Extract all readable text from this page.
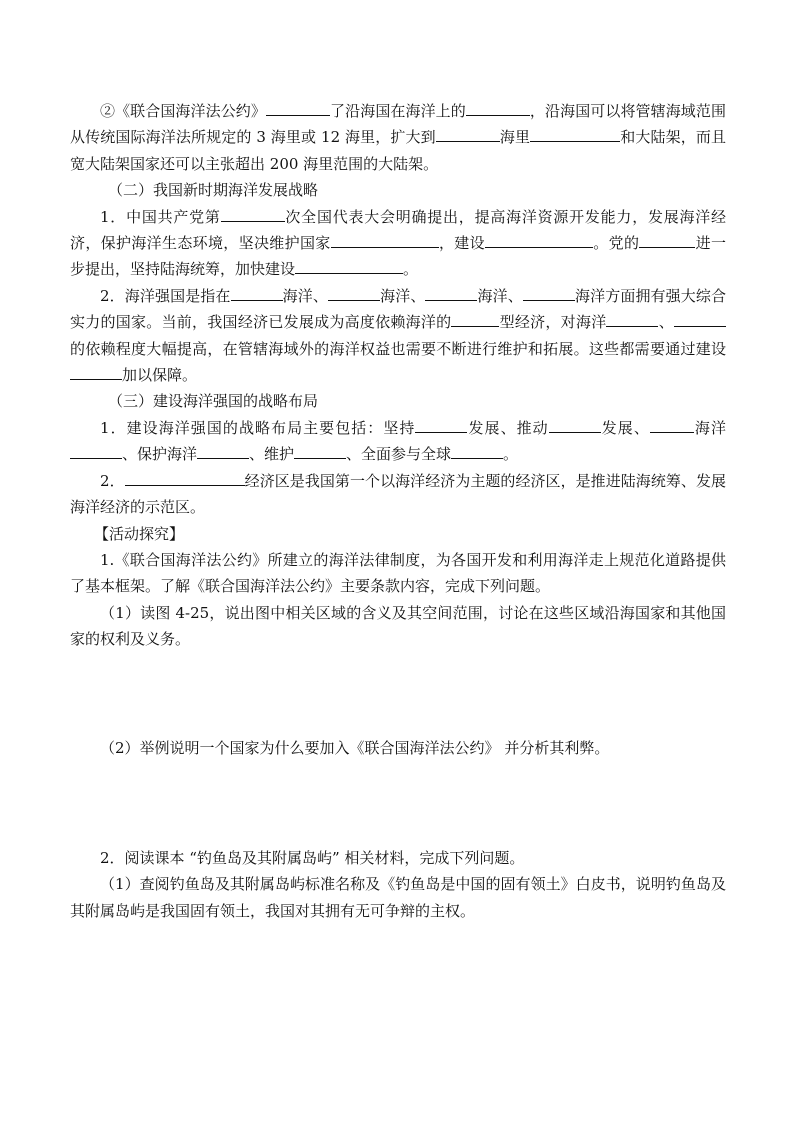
②《联合国海洋法公约》	了沿海国在海洋上的	，沿海国可以将管辖海域范围从传统国际海洋法所规定的 3 海里或 12 海里，扩大到	海里	和大陆架，而且宽大陆架国家还可以主张超出 200 海里范围的大陆架。

（二）我国新时期海洋发展战略

1．中国共产党第	次全国代表大会明确提出，提高海洋资源开发能力，发展海洋经济，保护海洋生态环境，坚决维护国家	，建设	。党的	进一步提出，坚持陆海统筹，加快建设	。

2．海洋强国是指在	海洋、	海洋、	海洋、	海洋方面拥有强大综合实力的国家。当前，我国经济已发展成为高度依赖海洋的	型经济，对海洋	、的依赖程度大幅提高，在管辖海域外的海洋权益也需要不断进行维护和拓展。这些都需要通过建设加以保障。

（三）建设海洋强国的战略布局

1．建设海洋强国的战略布局主要包括：坚持	发展、推动	发展、	海洋、保护海洋	、维护	、全面参与全球	。

2．	经济区是我国第一个以海洋经济为主题的经济区，是推进陆海统筹、发展海洋经济的示范区。

【活动探究】

1.《联合国海洋法公约》所建立的海洋法律制度，为各国开发和利用海洋走上规范化道路提供了基本框架。了解《联合国海洋法公约》主要条款内容，完成下列问题。

（1）读图 4-25，说出图中相关区域的含义及其空间范围，讨论在这些区域沿海国家和其他国家的权利及义务。

（2）举例说明一个国家为什么要加入《联合国海洋法公约》 并分析其利弊。

2．阅读课本 “钓鱼岛及其附属岛屿” 相关材料，完成下列问题。

（1）查阅钓鱼岛及其附属岛屿标准名称及《钓鱼岛是中国的固有领土》白皮书，说明钓鱼岛及其附属岛屿是我国固有领土，我国对其拥有无可争辩的主权。
